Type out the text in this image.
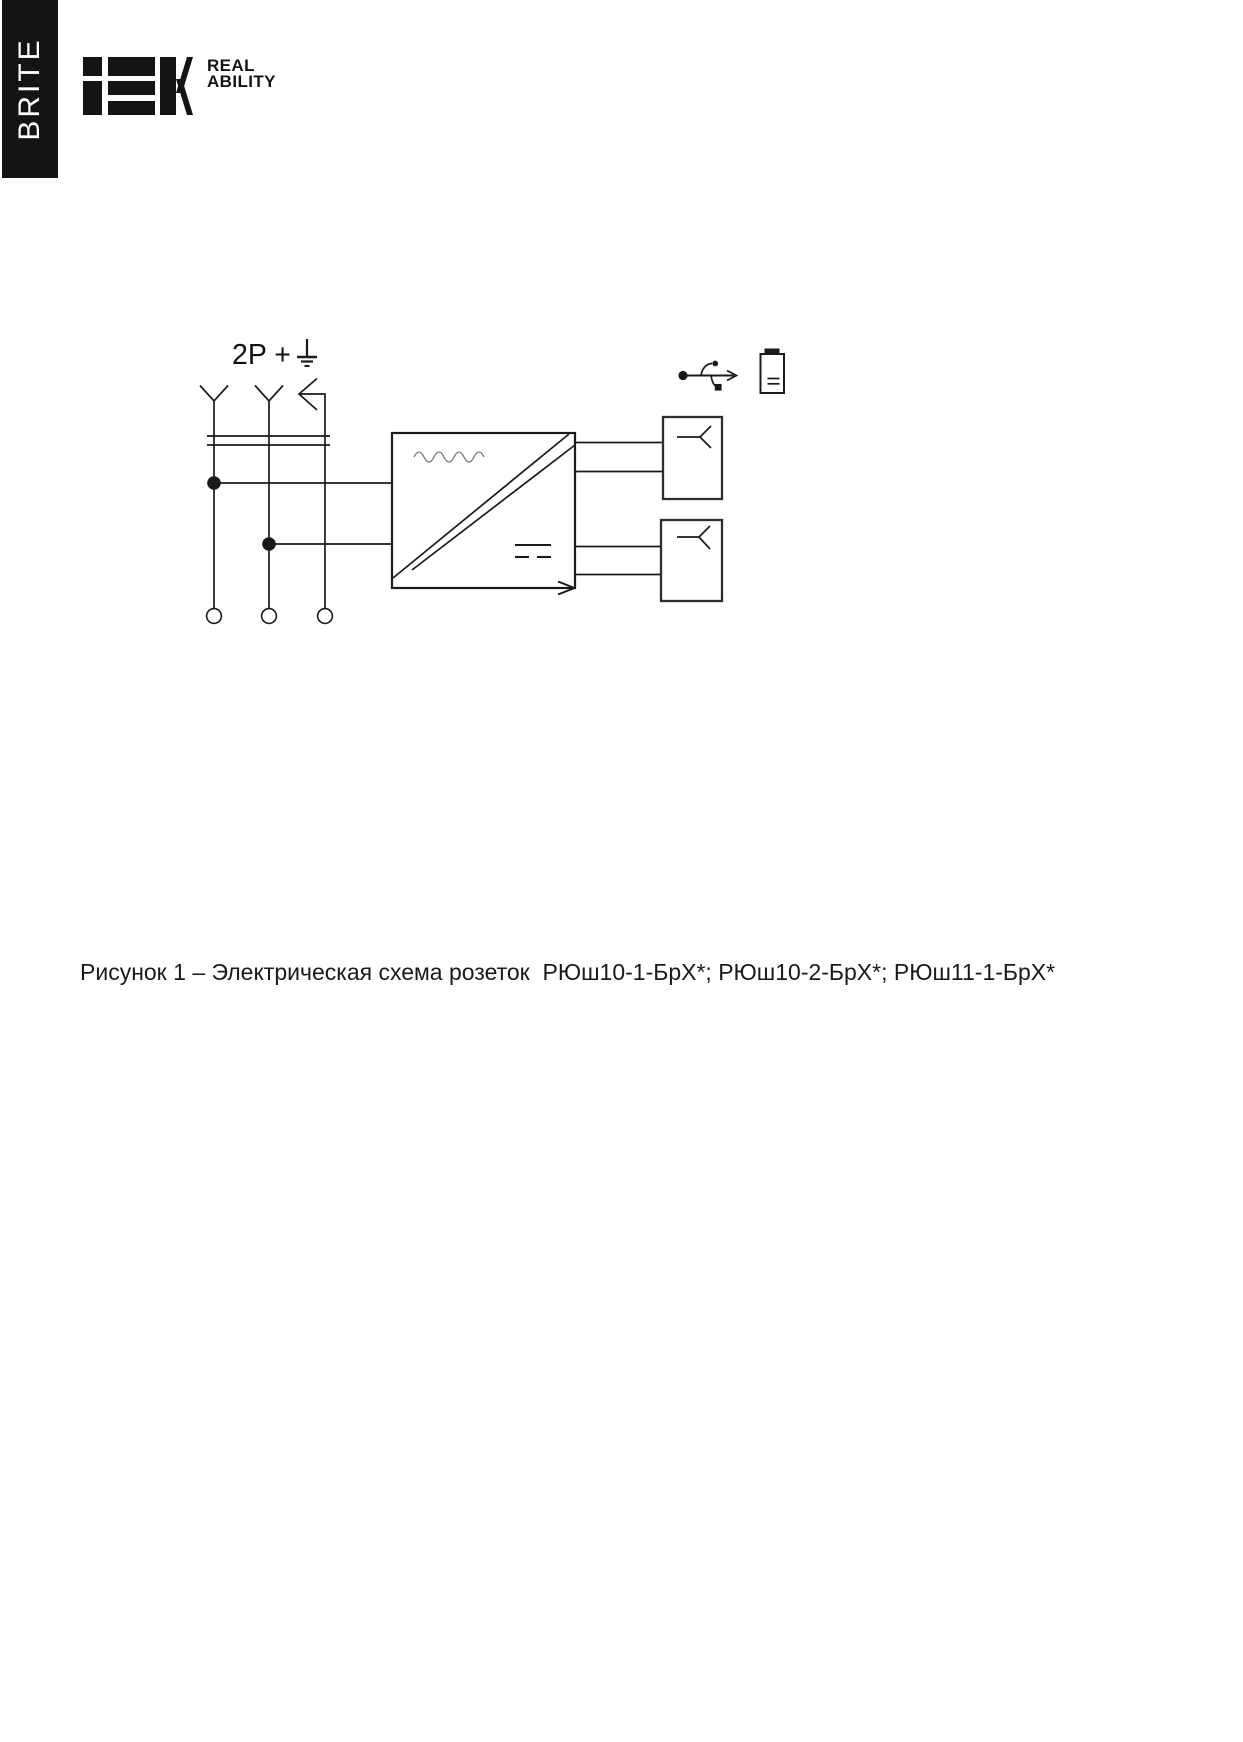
BRITE	REAL
ABILITY
2P +
Рисунок 1 – Электрическая схема розеток  РЮш10-1-БрХ*; РЮш10-2-БрХ*; РЮш11-1-БрХ*
